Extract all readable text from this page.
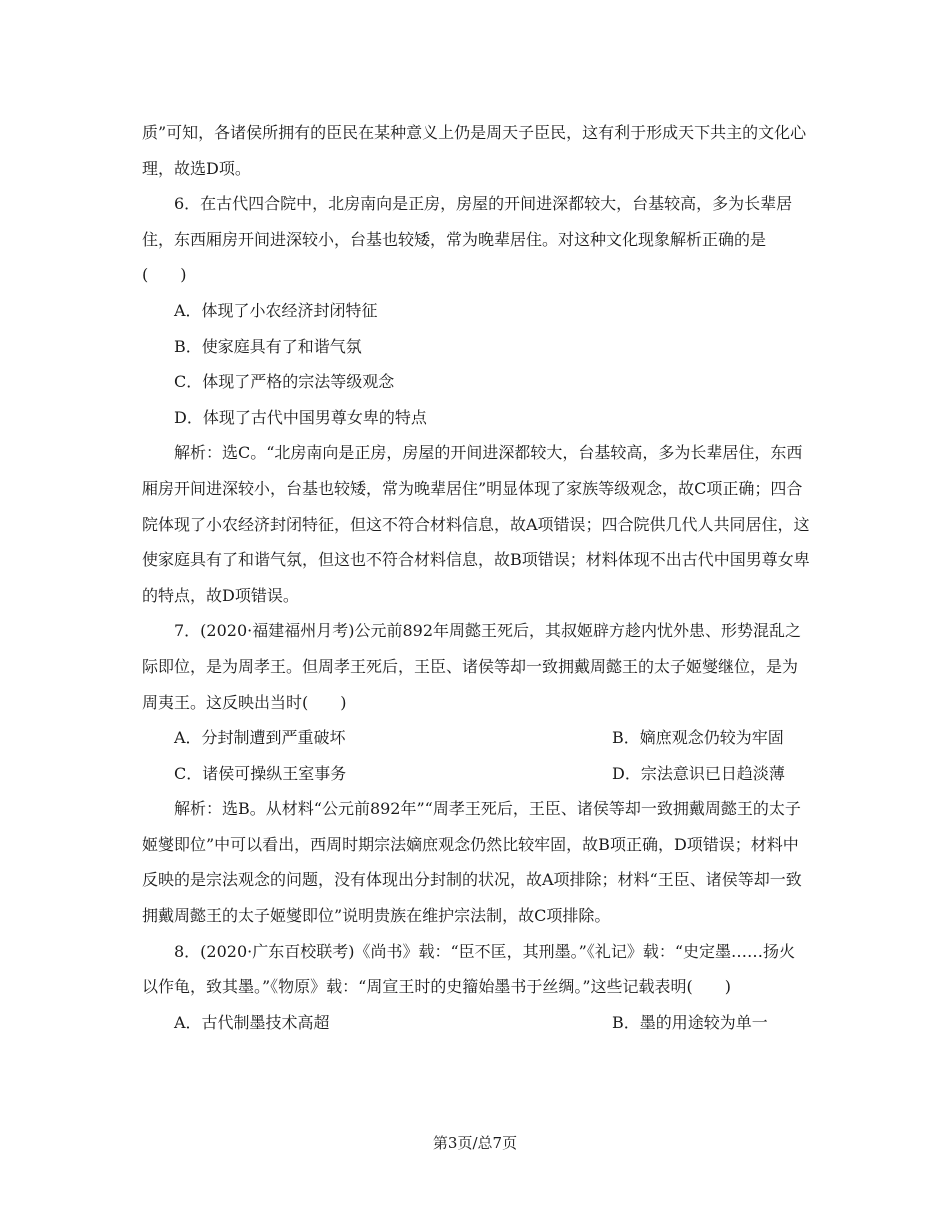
质”可知，各诸侯所拥有的臣民在某种意义上仍是周天子臣民，这有利于形成天下共主的文化心理，故选D项。

6．在古代四合院中，北房南向是正房，房屋的开间进深都较大，台基较高，多为长辈居住，东西厢房开间进深较小，台基也较矮，常为晚辈居住。对这种文化现象解析正确的是(　　)

A．体现了小农经济封闭特征

B．使家庭具有了和谐气氛

C．体现了严格的宗法等级观念

D．体现了古代中国男尊女卑的特点

解析：选C。“北房南向是正房，房屋的开间进深都较大，台基较高，多为长辈居住，东西厢房开间进深较小，台基也较矮，常为晚辈居住”明显体现了家族等级观念，故C项正确；四合院体现了小农经济封闭特征，但这不符合材料信息，故A项错误；四合院供几代人共同居住，这使家庭具有了和谐气氛，但这也不符合材料信息，故B项错误；材料体现不出古代中国男尊女卑的特点，故D项错误。

7．(2020·福建福州月考)公元前892年周懿王死后，其叔姬辟方趁内忧外患、形势混乱之际即位，是为周孝王。但周孝王死后，王臣、诸侯等却一致拥戴周懿王的太子姬燮继位，是为周夷王。这反映出当时(　　)

A．分封制遭到严重破坏	B．嫡庶观念仍较为牢固
C．诸侯可操纵王室事务	D．宗法意识已日趋淡薄

解析：选B。从材料“公元前892年”“周孝王死后，王臣、诸侯等却一致拥戴周懿王的太子姬燮即位”中可以看出，西周时期宗法嫡庶观念仍然比较牢固，故B项正确，D项错误；材料中反映的是宗法观念的问题，没有体现出分封制的状况，故A项排除；材料“王臣、诸侯等却一致拥戴周懿王的太子姬燮即位”说明贵族在维护宗法制，故C项排除。

8．(2020·广东百校联考)《尚书》载：“臣不匡，其刑墨。”《礼记》载：“史定墨……扬火以作龟，致其墨。”《物原》载：“周宣王时的史籀始墨书于丝绸。”这些记载表明(　　)

A．古代制墨技术高超	B．墨的用途较为单一
第3页/总7页
